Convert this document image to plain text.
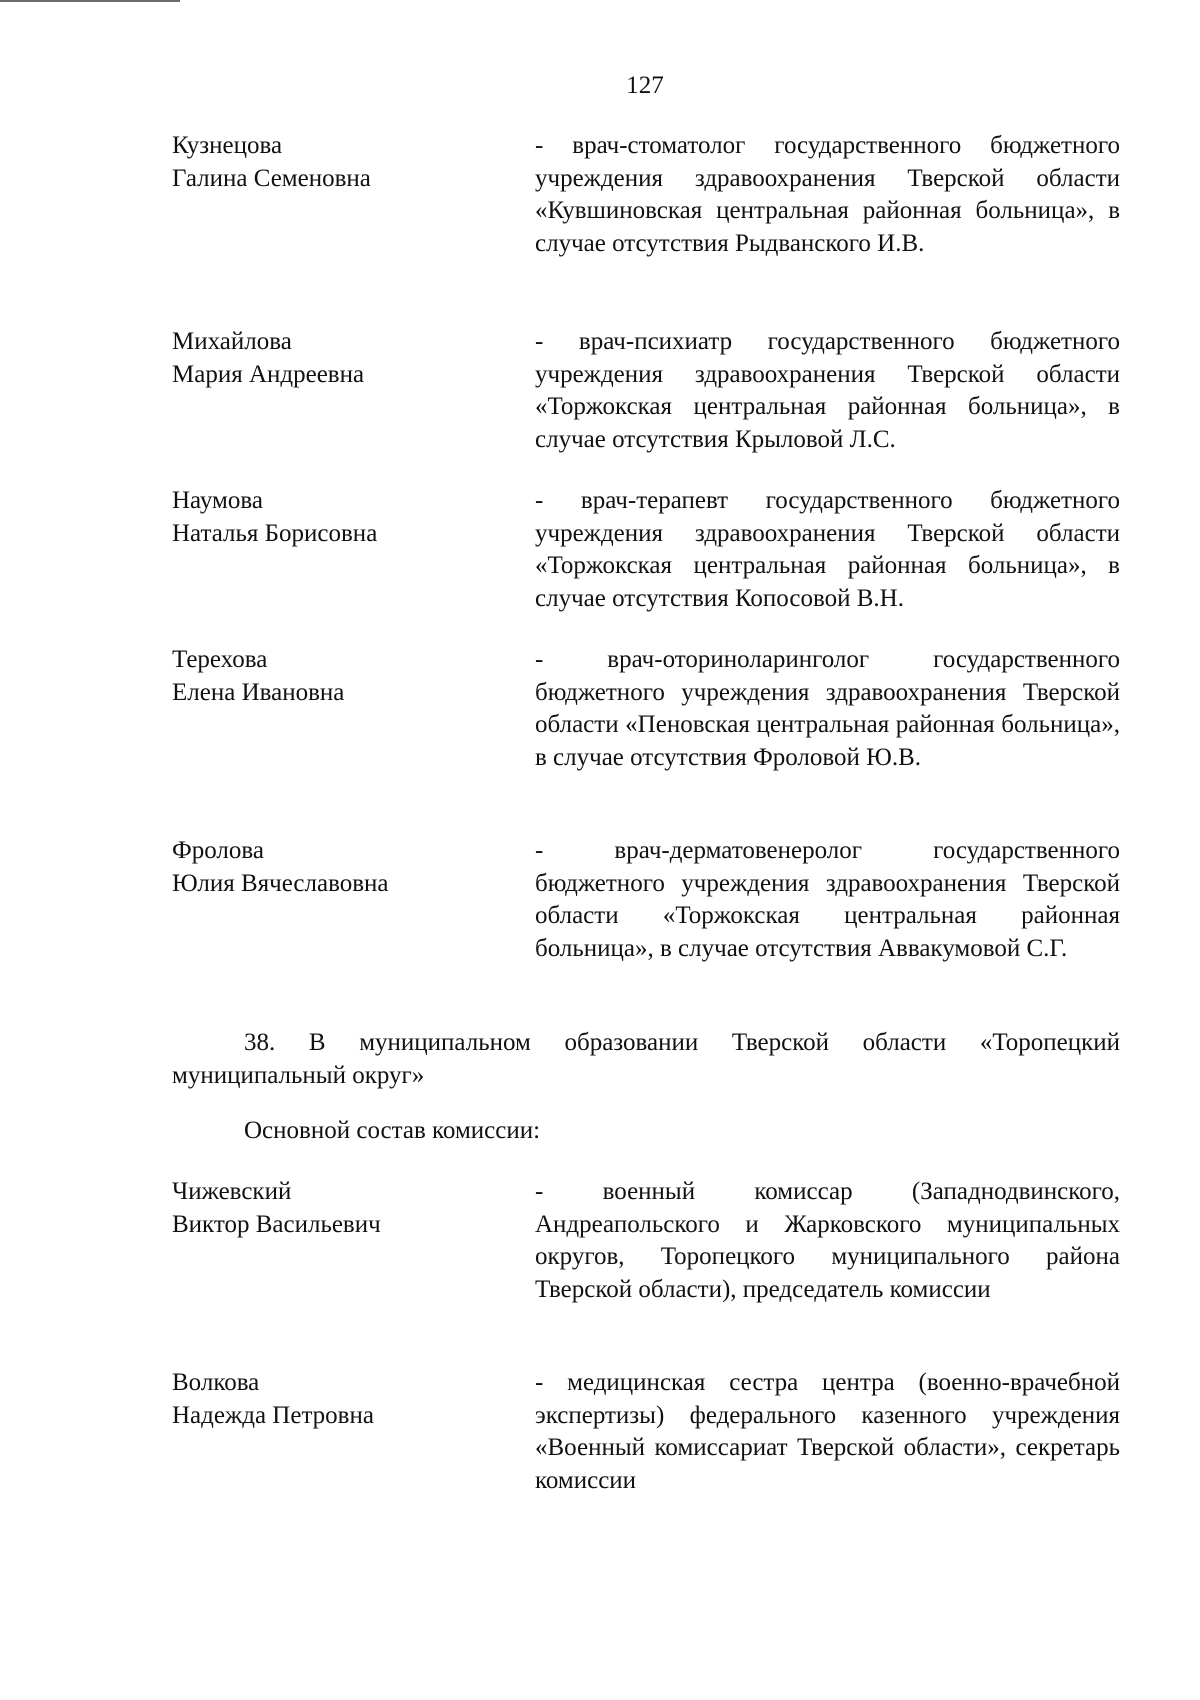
127
Кузнецова
Галина Семеновна
- врач-стоматолог государственного бюджетного учреждения здравоохранения Тверской области «Кувшиновская центральная районная больница», в случае отсутствия Рыдванского И.В.
Михайлова
Мария Андреевна
- врач-психиатр государственного бюджетного учреждения здравоохранения Тверской области «Торжокская центральная районная больница», в случае отсутствия Крыловой Л.С.
Наумова
Наталья Борисовна
- врач-терапевт государственного бюджетного учреждения здравоохранения Тверской области «Торжокская центральная районная больница», в случае отсутствия Копосовой В.Н.
Терехова
Елена Ивановна
- врач-оториноларинголог государственного бюджетного учреждения здравоохранения Тверской области «Пеновская центральная районная больница», в случае отсутствия Фроловой Ю.В.
Фролова
Юлия Вячеславовна
- врач-дерматовенеролог государственного бюджетного учреждения здравоохранения Тверской области «Торжокская центральная районная больница», в случае отсутствия Аввакумовой С.Г.
38. В муниципальном образовании Тверской области «Торопецкий муниципальный округ»
Основной состав комиссии:
Чижевский
Виктор Васильевич
- военный комиссар (Западнодвинского, Андреапольского и Жарковского муниципальных округов, Торопецкого муниципального района Тверской области), председатель комиссии
Волкова
Надежда Петровна
- медицинская сестра центра (военно-врачебной экспертизы) федерального казенного учреждения «Военный комиссариат Тверской области», секретарь комиссии
